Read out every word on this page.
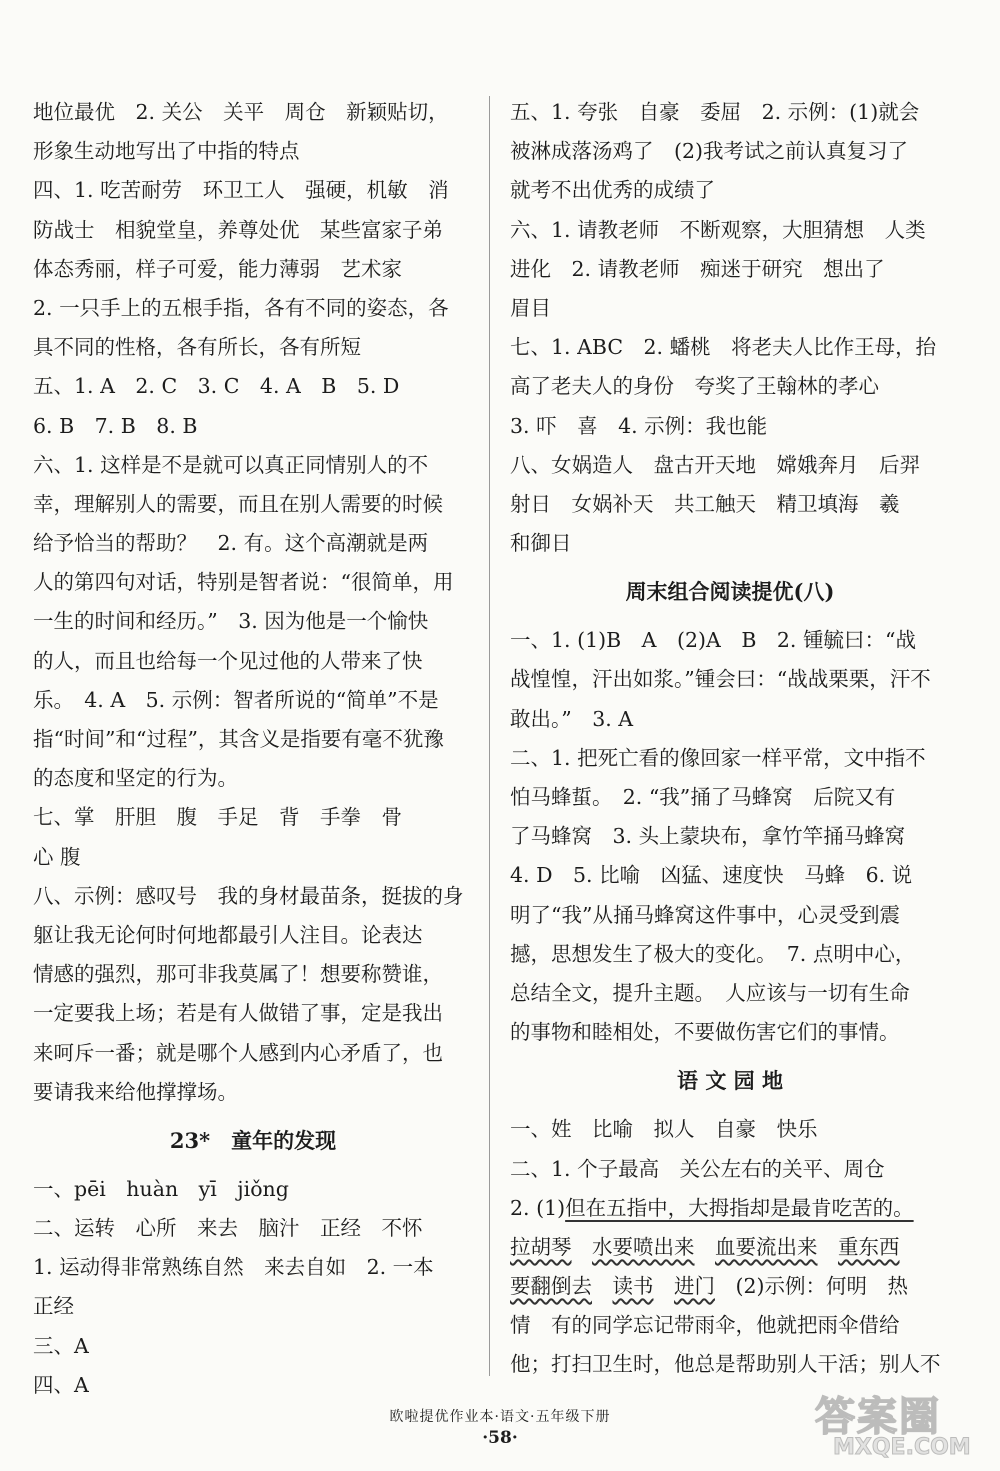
地位最优　2. 关公　关平　周仓　新颖贴切，
形象生动地写出了中指的特点
四、1. 吃苦耐劳　环卫工人　强硬，机敏　消
防战士　相貌堂皇，养尊处优　某些富家子弟
体态秀丽，样子可爱，能力薄弱　艺术家
2. 一只手上的五根手指，各有不同的姿态，各
具不同的性格，各有所长，各有所短
五、1. A　2. C　3. C　4. A　B　5. D
6. B　7. B　8. B
六、1. 这样是不是就可以真正同情别人的不
幸，理解别人的需要，而且在别人需要的时候
给予恰当的帮助？　2. 有。这个高潮就是两
人的第四句对话，特别是智者说：“很简单，用
一生的时间和经历。”　3. 因为他是一个愉快
的人，而且也给每一个见过他的人带来了快
乐。　4. A　5. 示例：智者所说的“简单”不是
指“时间”和“过程”，其含义是指要有毫不犹豫
的态度和坚定的行为。
七、掌　肝胆　腹　手足　背　手拳　骨
心 腹
八、示例：感叹号　我的身材最苗条，挺拔的身
躯让我无论何时何地都最引人注目。论表达
情感的强烈，那可非我莫属了！想要称赞谁，
一定要我上场；若是有人做错了事，定是我出
来呵斥一番；就是哪个人感到内心矛盾了，也
要请我来给他撑撑场。
23*　童年的发现
一、pēi　huàn　yī　jiǒng
二、运转　心所　来去　脑汁　正经　不怀
1. 运动得非常熟练自然　来去自如　2. 一本
正经
三、A
四、A
五、1. 夸张　自豪　委屈　2. 示例：(1)就会
被淋成落汤鸡了　(2)我考试之前认真复习了
就考不出优秀的成绩了
六、1. 请教老师　不断观察，大胆猜想　人类
进化　2. 请教老师　痴迷于研究　想出了
眉目
七、1. ABC　2. 蟠桃　将老夫人比作王母，抬
高了老夫人的身份　夸奖了王翰林的孝心
3. 吓　喜　4. 示例：我也能
八、女娲造人　盘古开天地　嫦娥奔月　后羿
射日　女娲补天　共工触天　精卫填海　羲
和御日
周末组合阅读提优(八)
一、1. (1)B　A　(2)A　B　2. 锺毓曰：“战
战惶惶，汗出如浆。”锺会曰：“战战栗栗，汗不
敢出。”　3. A
二、1. 把死亡看的像回家一样平常，文中指不
怕马蜂蜇。　2. “我”捅了马蜂窝　后院又有
了马蜂窝　3. 头上蒙块布，拿竹竿捅马蜂窝
4. D　5. 比喻　凶猛、速度快　马蜂　6. 说
明了“我”从捅马蜂窝这件事中，心灵受到震
撼，思想发生了极大的变化。　7. 点明中心，
总结全文，提升主题。　人应该与一切有生命
的事物和睦相处，不要做伤害它们的事情。
语 文 园 地
一、姓　比喻　拟人　自豪　快乐
二、1. 个子最高　关公左右的关平、周仓
2. (1)但在五指中，大拇指却是最肯吃苦的。
拉胡琴　 水要喷出来　 血要流出来　 重东西
要翻倒去　 读书　 进门　 (2)示例：何明　热
情　有的同学忘记带雨伞，他就把雨伞借给
他；打扫卫生时，他总是帮助别人干活；别人不
欧啦提优作业本·语文·五年级下册
·58·	答案圈
MXQE.COM
